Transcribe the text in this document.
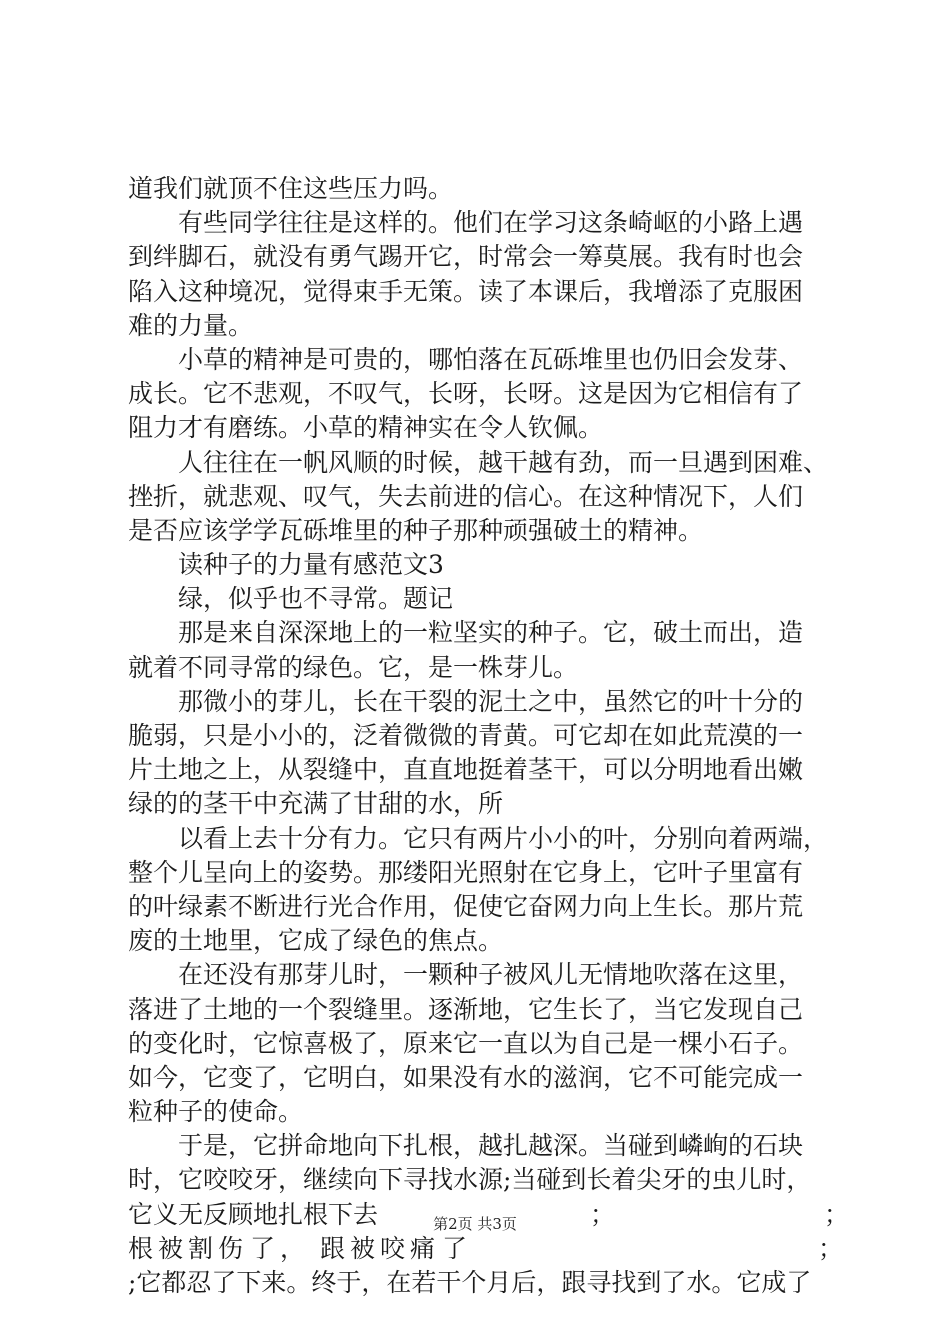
道我们就顶不住这些压力吗。
有些同学往往是这样的。他们在学习这条崎岖的小路上遇
到绊脚石，就没有勇气踢开它，时常会一筹莫展。我有时也会
陷入这种境况，觉得束手无策。读了本课后，我增添了克服困
难的力量。
小草的精神是可贵的，哪怕落在瓦砾堆里也仍旧会发芽、
成长。它不悲观，不叹气，长呀，长呀。这是因为它相信有了
阻力才有磨练。小草的精神实在令人钦佩。
人往往在一帆风顺的时候，越干越有劲，而一旦遇到困难、
挫折，就悲观、叹气，失去前进的信心。在这种情况下，人们
是否应该学学瓦砾堆里的种子那种顽强破土的精神。
读种子的力量有感范文3
绿，似乎也不寻常。题记
那是来自深深地上的一粒坚实的种子。它，破土而出，造
就着不同寻常的绿色。它，是一株芽儿。
那微小的芽儿，长在干裂的泥土之中，虽然它的叶十分的
脆弱，只是小小的，泛着微微的青黄。可它却在如此荒漠的一
片土地之上，从裂缝中，直直地挺着茎干，可以分明地看出嫩
绿的的茎干中充满了甘甜的水，所
以看上去十分有力。它只有两片小小的叶，分别向着两端，
整个儿呈向上的姿势。那缕阳光照射在它身上，它叶子里富有
的叶绿素不断进行光合作用，促使它奋网力向上生长。那片荒
废的土地里，它成了绿色的焦点。
在还没有那芽儿时，一颗种子被风儿无情地吹落在这里，
落进了土地的一个裂缝里。逐渐地，它生长了，当它发现自己
的变化时，它惊喜极了，原来它一直以为自己是一棵小石子。
如今，它变了，它明白，如果没有水的滋润，它不可能完成一
粒种子的使命。
于是，它拼命地向下扎根，越扎越深。当碰到嶙峋的石块
时，它咬咬牙，继续向下寻找水源;当碰到长着尖牙的虫儿时，
它义无反顾地扎根下去	；	；
根 被 割 伤 了 ， 跟 被 咬 痛 了	；
;它都忍了下来。终于，在若干个月后，跟寻找到了水。它成了
第2页 共3页
